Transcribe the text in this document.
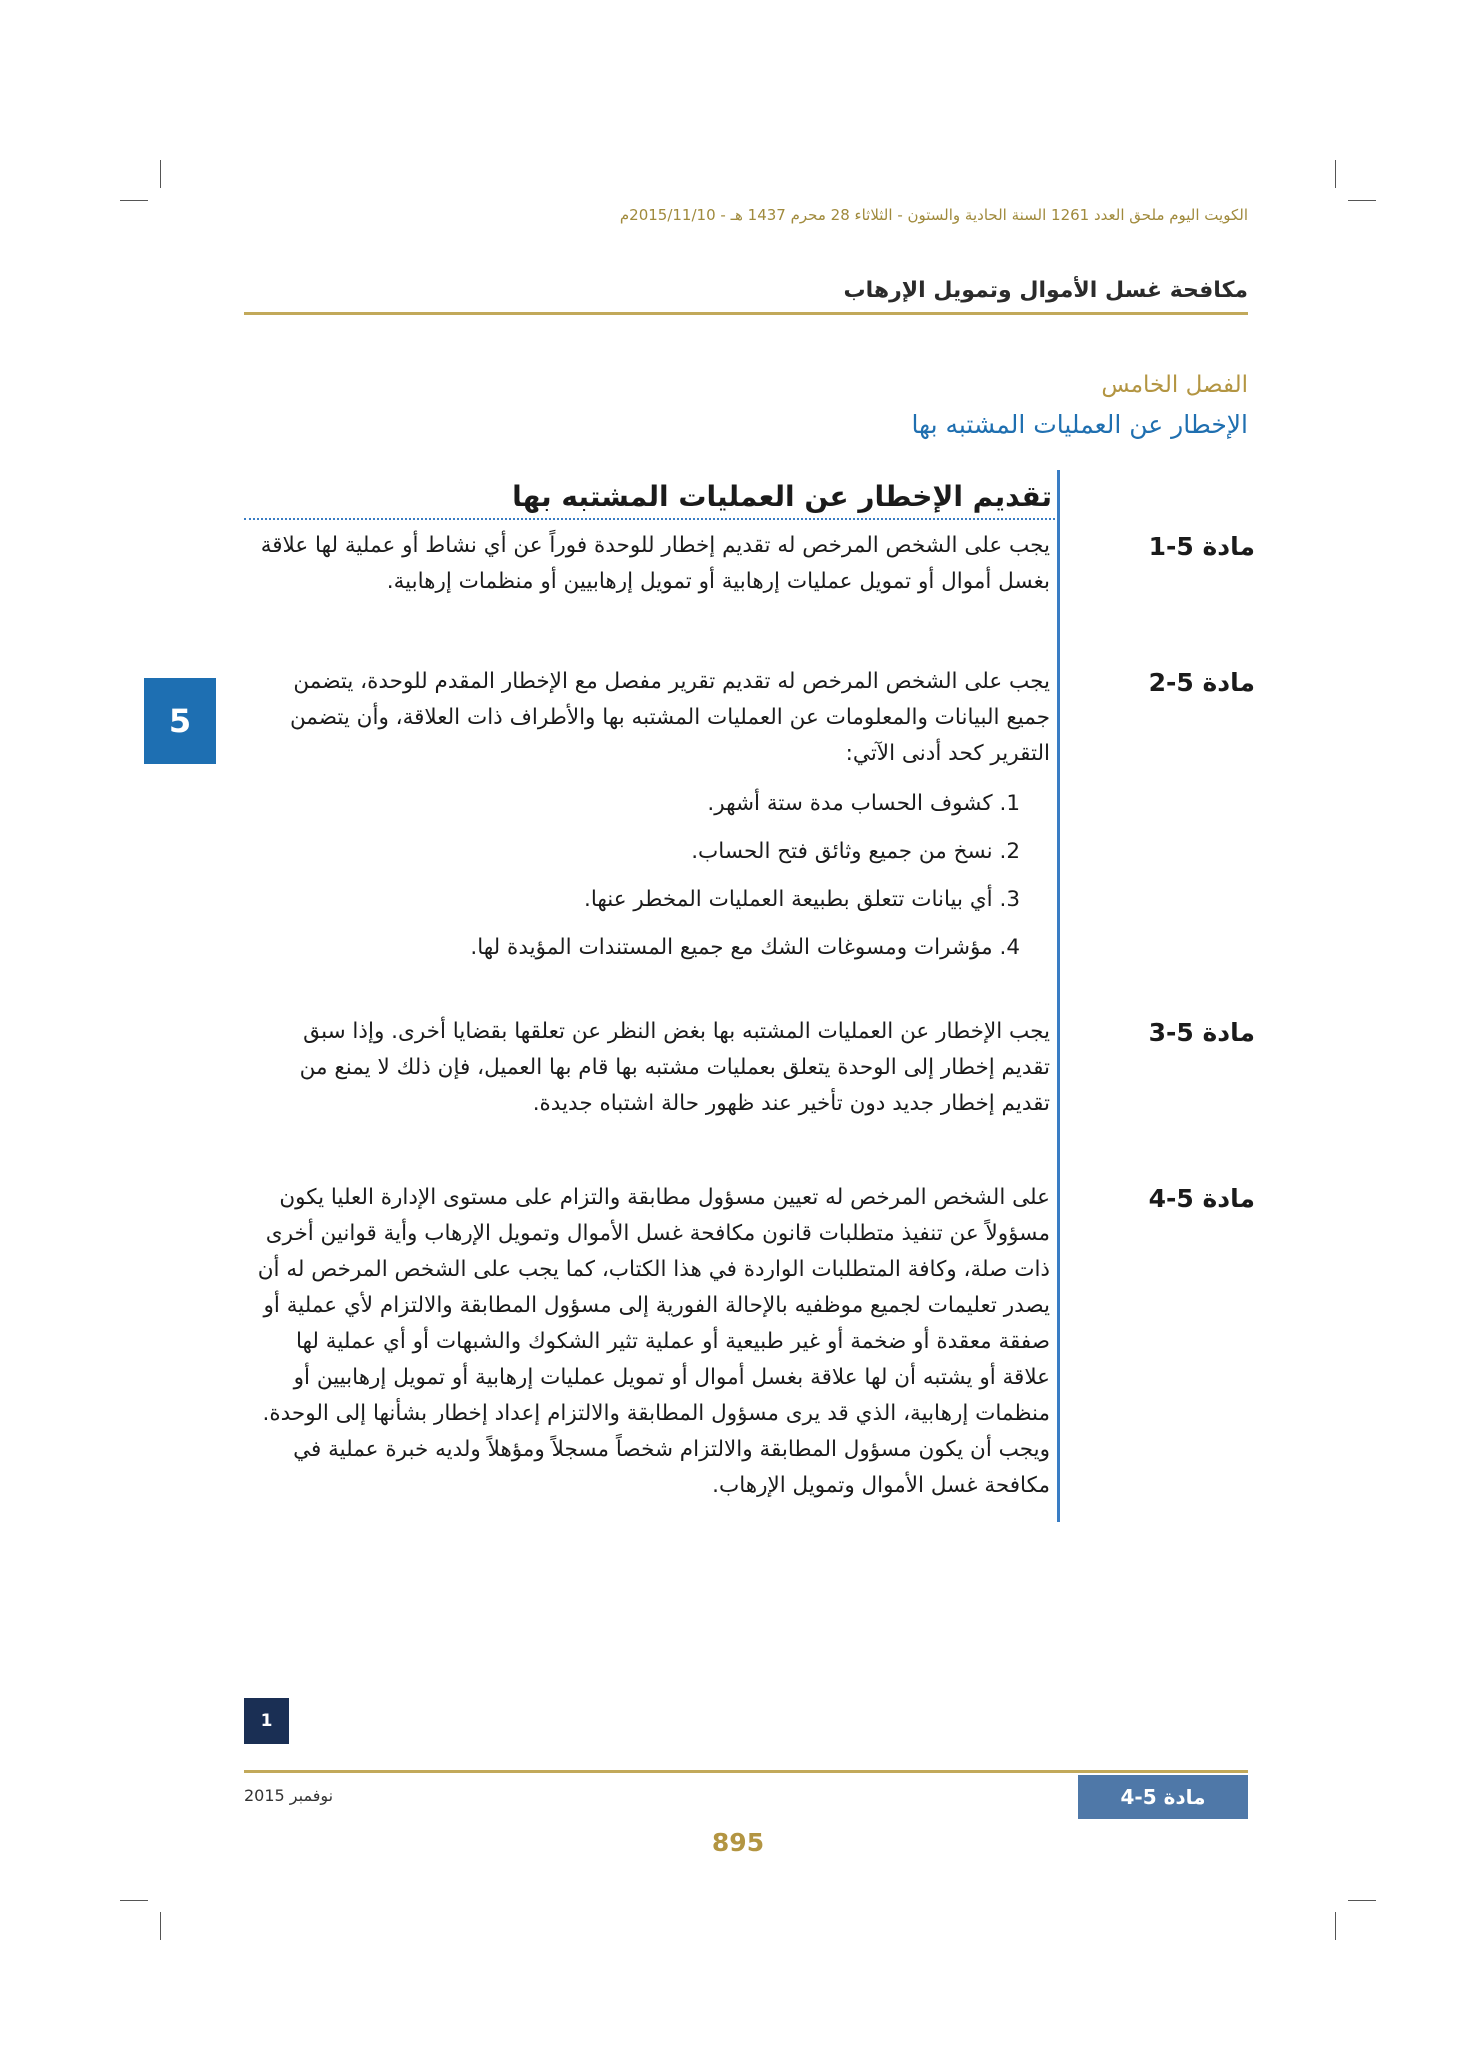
الكويت اليوم ملحق العدد 1261 السنة الحادية والستون - الثلاثاء 28 محرم 1437 هـ - 2015/11/10م
مكافحة غسل الأموال وتمويل الإرهاب
الفصل الخامس
الإخطار عن العمليات المشتبه بها
5
تقديم الإخطار عن العمليات المشتبه بها
مادة 5-1
يجب على الشخص المرخص له تقديم إخطار للوحدة فوراً عن أي نشاط أو عملية لها علاقة بغسل أموال أو تمويل عمليات إرهابية أو تمويل إرهابيين أو منظمات إرهابية.
مادة 5-2
يجب على الشخص المرخص له تقديم تقرير مفصل مع الإخطار المقدم للوحدة، يتضمن جميع البيانات والمعلومات عن العمليات المشتبه بها والأطراف ذات العلاقة، وأن يتضمن التقرير كحد أدنى الآتي:
1. كشوف الحساب مدة ستة أشهر.
2. نسخ من جميع وثائق فتح الحساب.
3. أي بيانات تتعلق بطبيعة العمليات المخطر عنها.
4. مؤشرات ومسوغات الشك مع جميع المستندات المؤيدة لها.
مادة 5-3
يجب الإخطار عن العمليات المشتبه بها بغض النظر عن تعلقها بقضايا أخرى. وإذا سبق تقديم إخطار إلى الوحدة يتعلق بعمليات مشتبه بها قام بها العميل، فإن ذلك لا يمنع من تقديم إخطار جديد دون تأخير عند ظهور حالة اشتباه جديدة.
مادة 5-4
على الشخص المرخص له تعيين مسؤول مطابقة والتزام على مستوى الإدارة العليا يكون مسؤولاً عن تنفيذ متطلبات قانون مكافحة غسل الأموال وتمويل الإرهاب وأية قوانين أخرى ذات صلة، وكافة المتطلبات الواردة في هذا الكتاب، كما يجب على الشخص المرخص له أن يصدر تعليمات لجميع موظفيه بالإحالة الفورية إلى مسؤول المطابقة والالتزام لأي عملية أو صفقة معقدة أو ضخمة أو غير طبيعية أو عملية تثير الشكوك والشبهات أو أي عملية لها علاقة أو يشتبه أن لها علاقة بغسل أموال أو تمويل عمليات إرهابية أو تمويل إرهابيين أو منظمات إرهابية، الذي قد يرى مسؤول المطابقة والالتزام إعداد إخطار بشأنها إلى الوحدة. ويجب أن يكون مسؤول المطابقة والالتزام شخصاً مسجلاً ومؤهلاً ولديه خبرة عملية في مكافحة غسل الأموال وتمويل الإرهاب.
1
نوفمبر 2015	مادة 5-4
895
